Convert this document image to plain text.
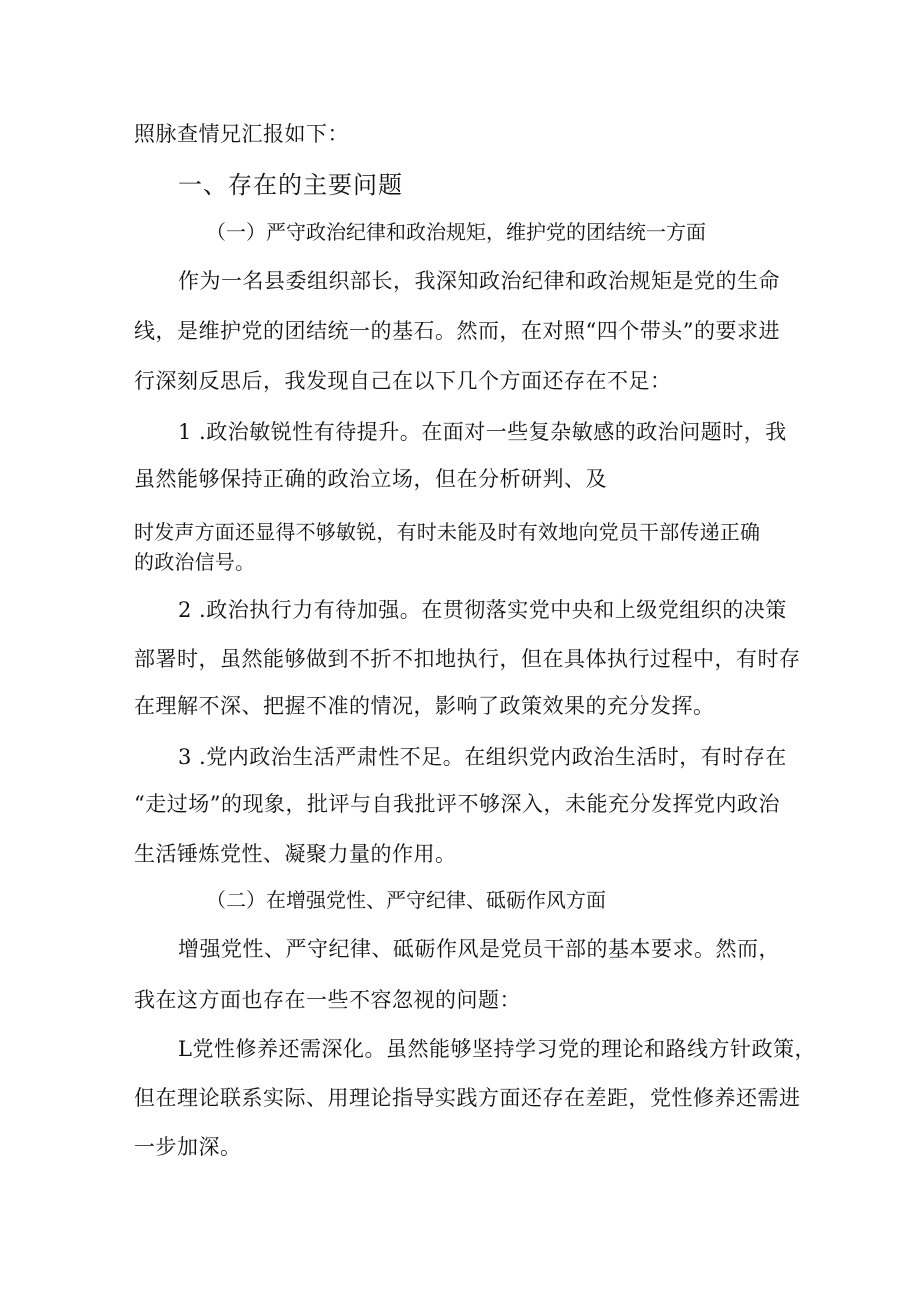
照脉查情兄汇报如下：
一、存在的主要问题
（一）严守政治纪律和政治规矩，维护党的团结统一方面
作为一名县委组织部长，我深知政治纪律和政治规矩是党的生命
线，是维护党的团结统一的基石。然而，在对照“四个带头”的要求进
行深刻反思后，我发现自己在以下几个方面还存在不足：
1 .政治敏锐性有待提升。在面对一些复杂敏感的政治问题时，我
虽然能够保持正确的政治立场，但在分析研判、及
时发声方面还显得不够敏锐，有时未能及时有效地向党员干部传递正确
的政治信号。
2 .政治执行力有待加强。在贯彻落实党中央和上级党组织的决策
部署时，虽然能够做到不折不扣地执行，但在具体执行过程中，有时存
在理解不深、把握不准的情况，影响了政策效果的充分发挥。
3 .党内政治生活严肃性不足。在组织党内政治生活时，有时存在
“走过场”的现象，批评与自我批评不够深入，未能充分发挥党内政治
生活锤炼党性、凝聚力量的作用。
（二）在增强党性、严守纪律、砥砺作风方面
增强党性、严守纪律、砥砺作风是党员干部的基本要求。然而，
我在这方面也存在一些不容忽视的问题：
L党性修养还需深化。虽然能够坚持学习党的理论和路线方针政策，
但在理论联系实际、用理论指导实践方面还存在差距，党性修养还需进
一步加深。
